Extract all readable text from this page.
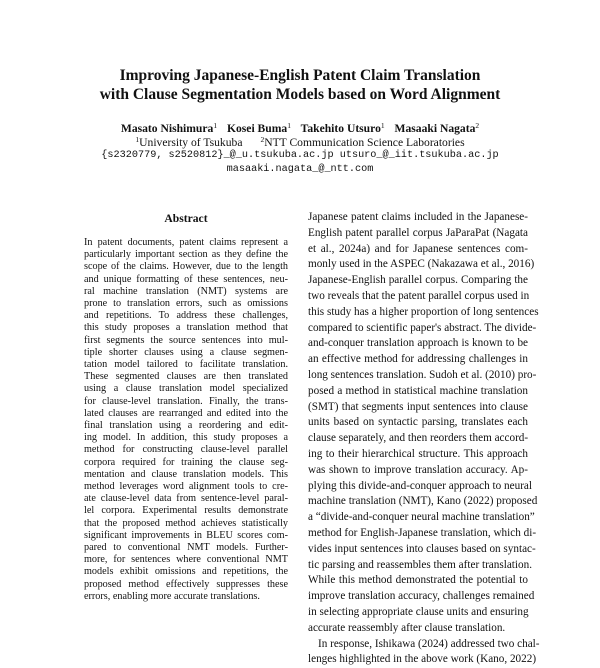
Improving Japanese-English Patent Claim Translation
with Clause Segmentation Models based on Word Alignment
Masato Nishimura$^1$ Kosei Buma$^1$ Takehito Utsuro$^1$ Masaaki Nagata$^2$
$^1$University of Tsukuba $^2$NTT Communication Science Laboratories
{s2320779, s2520812}_@_u.tsukuba.ac.jp utsuro_@_iit.tsukuba.ac.jp
masaaki.nagata_@_ntt.com
Abstract
In patent documents, patent claims represent a
particularly important section as they define the
scope of the claims. However, due to the length
and unique formatting of these sentences, neu-
ral machine translation (NMT) systems are
prone to translation errors, such as omissions
and repetitions. To address these challenges,
this study proposes a translation method that
first segments the source sentences into mul-
tiple shorter clauses using a clause segmen-
tation model tailored to facilitate translation.
These segmented clauses are then translated
using a clause translation model specialized
for clause-level translation. Finally, the trans-
lated clauses are rearranged and edited into the
final translation using a reordering and edit-
ing model. In addition, this study proposes a
method for constructing clause-level parallel
corpora required for training the clause seg-
mentation and clause translation models. This
method leverages word alignment tools to cre-
ate clause-level data from sentence-level paral-
lel corpora. Experimental results demonstrate
that the proposed method achieves statistically
significant improvements in BLEU scores com-
pared to conventional NMT models. Further-
more, for sentences where conventional NMT
models exhibit omissions and repetitions, the
proposed method effectively suppresses these
errors, enabling more accurate translations.
Japanese patent claims included in the Japanese-
English patent parallel corpus JaParaPat (Nagata
et al., 2024a) and for Japanese sentences com-
monly used in the ASPEC (Nakazawa et al., 2016)
Japanese-English parallel corpus. Comparing the
two reveals that the patent parallel corpus used in
this study has a higher proportion of long sentences
compared to scientific paper's abstract. The divide-
and-conquer translation approach is known to be
an effective method for addressing challenges in
long sentences translation. Sudoh et al. (2010) pro-
posed a method in statistical machine translation
(SMT) that segments input sentences into clause
units based on syntactic parsing, translates each
clause separately, and then reorders them accord-
ing to their hierarchical structure. This approach
was shown to improve translation accuracy. Ap-
plying this divide-and-conquer approach to neural
machine translation (NMT), Kano (2022) proposed
a “divide-and-conquer neural machine translation”
method for English-Japanese translation, which di-
vides input sentences into clauses based on syntac-
tic parsing and reassembles them after translation.
While this method demonstrated the potential to
improve translation accuracy, challenges remained
in selecting appropriate clause units and ensuring
accurate reassembly after clause translation.
In response, Ishikawa (2024) addressed two chal-
lenges highlighted in the above work (Kano, 2022)
